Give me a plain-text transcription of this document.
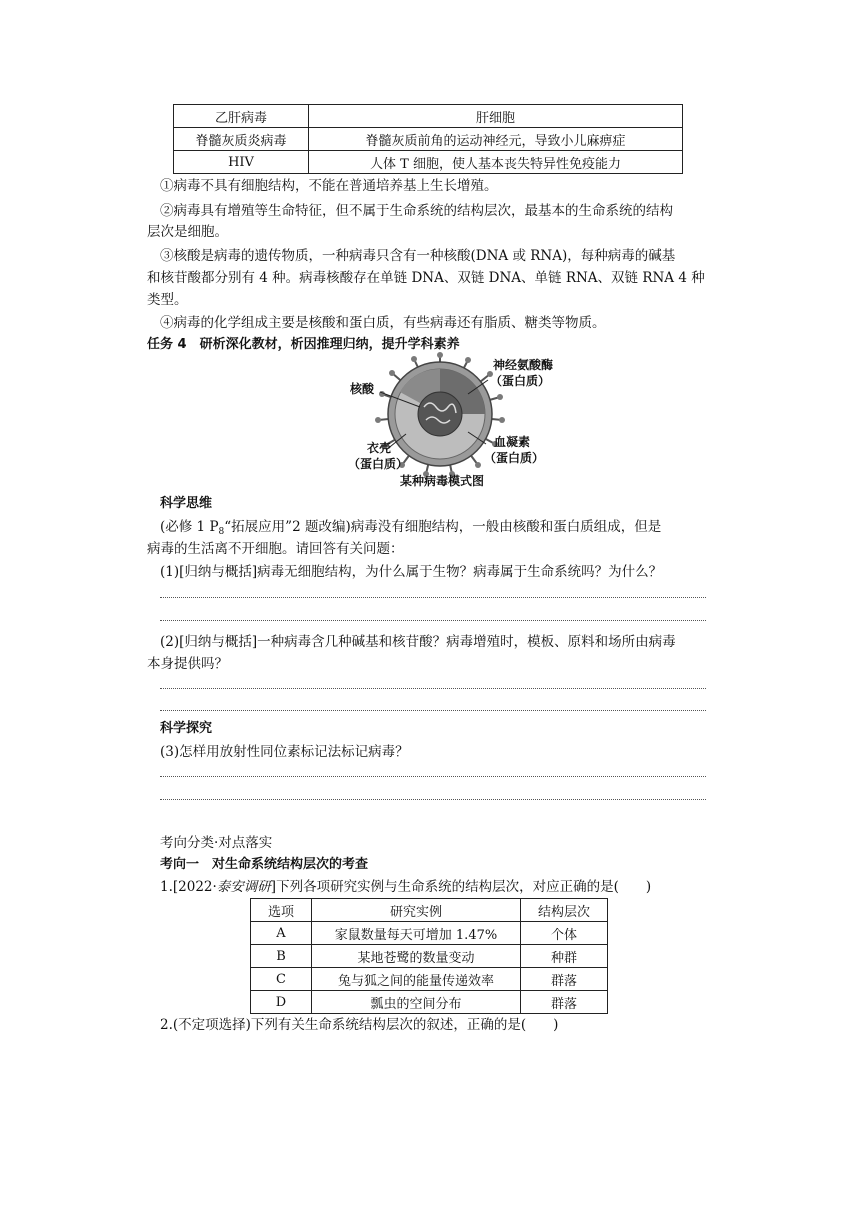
乙肝病毒	肝细胞
脊髓灰质炎病毒	脊髓灰质前角的运动神经元，导致小儿麻痹症
HIV	人体 T 细胞，使人基本丧失特异性免疫能力
①病毒不具有细胞结构，不能在普通培养基上生长增殖。
②病毒具有增殖等生命特征，但不属于生命系统的结构层次，最基本的生命系统的结构
层次是细胞。
③核酸是病毒的遗传物质，一种病毒只含有一种核酸(DNA 或 RNA)，每种病毒的碱基
和核苷酸都分别有 4 种。病毒核酸存在单链 DNA、双链 DNA、单链 RNA、双链 RNA 4 种
类型。
④病毒的化学组成主要是核酸和蛋白质，有些病毒还有脂质、糖类等物质。
任务 4　研析深化教材，析因推理归纳，提升学科素养
核酸
神经氨酸酶
（蛋白质）
衣壳
（蛋白质）
血凝素
（蛋白质）
某种病毒模式图
科学思维
(必修 1 $P_8“$拓展应用”2 题改编)病毒没有细胞结构，一般由核酸和蛋白质组成，但是
病毒的生活离不开细胞。请回答有关问题：
(1)[归纳与概括]病毒无细胞结构，为什么属于生物？病毒属于生命系统吗？为什么？
(2)[归纳与概括]一种病毒含几种碱基和核苷酸？病毒增殖时，模板、原料和场所由病毒
本身提供吗？
科学探究
(3)怎样用放射性同位素标记法标记病毒？
考向分类·对点落实
考向一　对生命系统结构层次的考查
1.[2022·泰安调研]下列各项研究实例与生命系统的结构层次，对应正确的是(　　)
选项	研究实例	结构层次
A	家鼠数量每天可增加 1.47%	个体
B	某地苍鹭的数量变动	种群
C	兔与狐之间的能量传递效率	群落
D	瓢虫的空间分布	群落
2.(不定项选择)下列有关生命系统结构层次的叙述，正确的是(　　)
